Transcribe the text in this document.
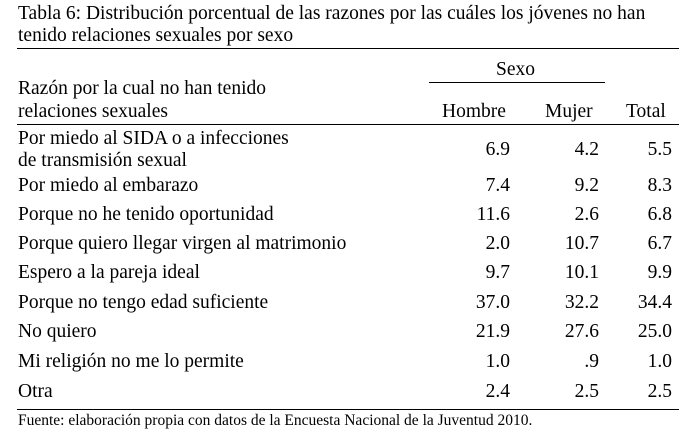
Tabla 6: Distribución porcentual de las razones por las cuáles los jóvenes no han tenido relaciones sexuales por sexo
Razón por la cual no han tenido
relaciones sexuales
Sexo
Hombre Mujer Total
Por miedo al SIDA o a infecciones
de transmisión sexual
6.9	4.2 5.5
Por miedo al embarazo	7.4	9.2 8.3
Porque no he tenido oportunidad	11.6	2.6 6.8
Porque quiero llegar virgen al matrimonio	2.0	10.7 6.7
Espero a la pareja ideal	9.7	10.1 9.9
Porque no tengo edad suficiente	37.0	32.2 34.4
No quiero	21.9	27.6 25.0
Mi religión no me lo permite	1.0	.9 1.0
Otra	2.4	2.5 2.5
Fuente: elaboración propia con datos de la Encuesta Nacional de la Juventud 2010.
